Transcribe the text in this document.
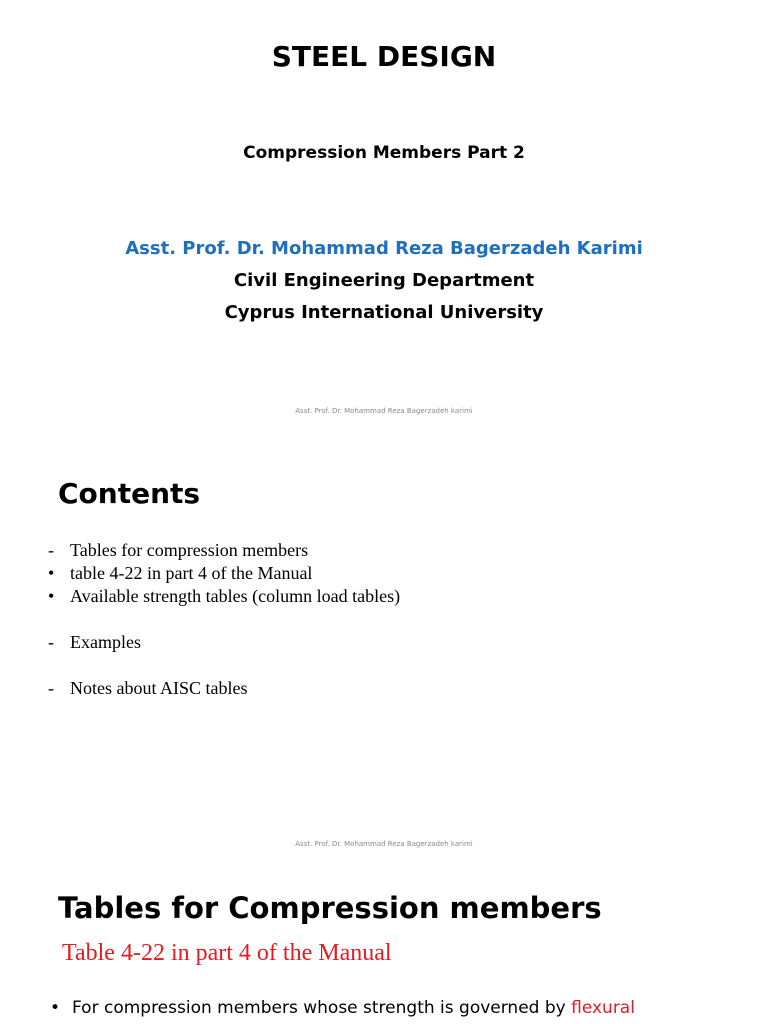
STEEL DESIGN
Compression Members Part 2
Asst. Prof. Dr. Mohammad Reza Bagerzadeh Karimi
Civil Engineering Department
Cyprus International University
Asst. Prof. Dr. Mohammad Reza Bagerzadeh karimi
Contents
- Tables for compression members
• table 4-22 in part 4 of the Manual
• Available strength tables (column load tables)
- Examples
- Notes about AISC tables
Asst. Prof. Dr. Mohammad Reza Bagerzadeh karimi
Tables for Compression members
Table 4-22 in part 4 of the Manual
• For compression members whose strength is governed by flexural
